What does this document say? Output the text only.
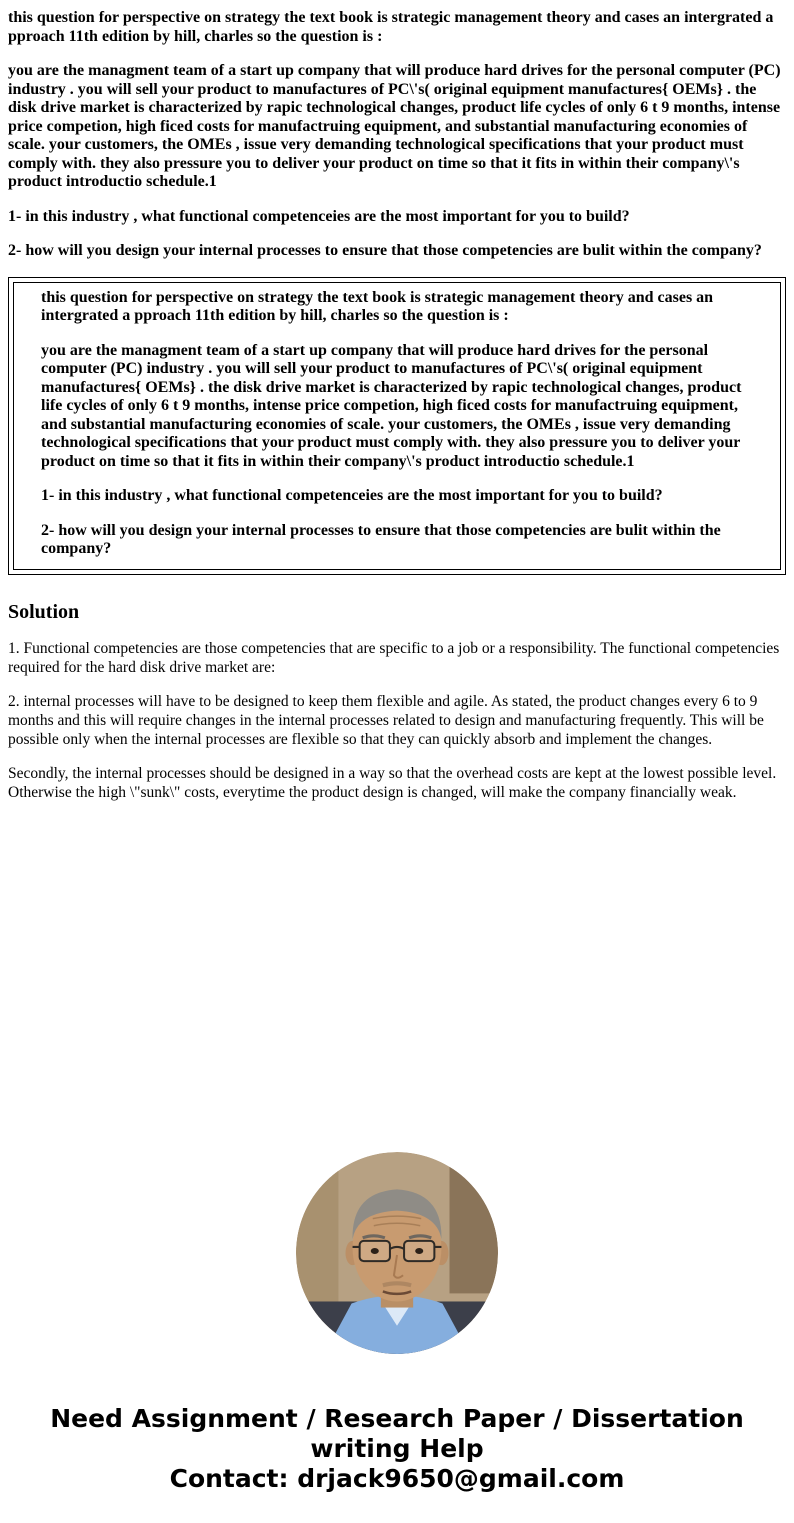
this question for perspective on strategy the text book is strategic management theory and cases an intergrated a pproach 11th edition by hill, charles so the question is :

you are the managment team of a start up company that will produce hard drives for the personal computer (PC) industry . you will sell your product to manufactures of PC\'s( original equipment manufactures{ OEMs} . the disk drive market is characterized by rapic technological changes, product life cycles of only 6 t 9 months, intense price competion, high ficed costs for manufactruing equipment, and substantial manufacturing economies of scale. your customers, the OMEs , issue very demanding technological specifications that your product must comply with. they also pressure you to deliver your product on time so that it fits in within their company\'s product introductio schedule.1

1- in this industry , what functional competenceies are the most important for you to build?

2- how will you design your internal processes to ensure that those competencies are bulit within the company?

this question for perspective on strategy the text book is strategic management theory and cases an intergrated a pproach 11th edition by hill, charles so the question is :

you are the managment team of a start up company that will produce hard drives for the personal computer (PC) industry . you will sell your product to manufactures of PC\'s( original equipment manufactures{ OEMs} . the disk drive market is characterized by rapic technological changes, product life cycles of only 6 t 9 months, intense price competion, high ficed costs for manufactruing equipment, and substantial manufacturing economies of scale. your customers, the OMEs , issue very demanding technological specifications that your product must comply with. they also pressure you to deliver your product on time so that it fits in within their company\'s product introductio schedule.1

1- in this industry , what functional competenceies are the most important for you to build?

2- how will you design your internal processes to ensure that those competencies are bulit within the company?

Solution

1. Functional competencies are those competencies that are specific to a job or a responsibility. The functional competencies required for the hard disk drive market are:

2. internal processes will have to be designed to keep them flexible and agile. As stated, the product changes every 6 to 9 months and this will require changes in the internal processes related to design and manufacturing frequently. This will be possible only when the internal processes are flexible so that they can quickly absorb and implement the changes.

Secondly, the internal processes should be designed in a way so that the overhead costs are kept at the lowest possible level. Otherwise the high \"sunk\" costs, everytime the product design is changed, will make the company financially weak.

Need Assignment / Research Paper / Dissertation
writing Help
Contact: drjack9650@gmail.com
